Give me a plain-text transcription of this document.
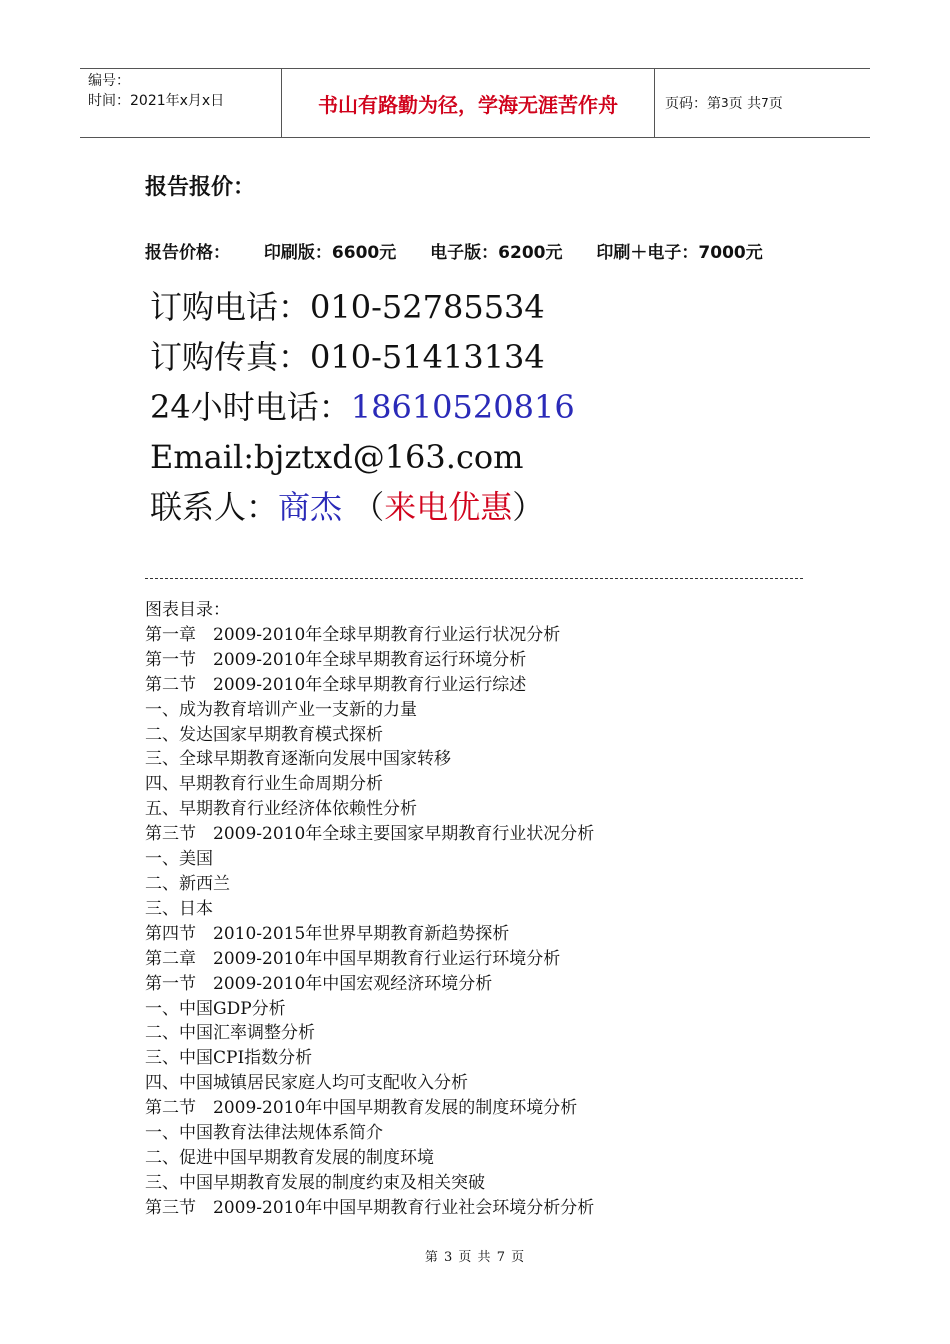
编号：
时间：2021年x月x日	书山有路勤为径，学海无涯苦作舟	页码：第 3 页 共 7 页
报告报价：
报告价格： 印刷版：6600元 电子版：6200元 印刷＋电子：7000元
订购电话：010-52785534
订购传真：010-51413134
24小时电话：18610520816
Email:bjztxd@163.com
联系人：商杰 （来电优惠）
图表目录：
第一章　2009-2010年全球早期教育行业运行状况分析
第一节　2009-2010年全球早期教育运行环境分析
第二节　2009-2010年全球早期教育行业运行综述
一、成为教育培训产业一支新的力量
二、发达国家早期教育模式探析
三、全球早期教育逐渐向发展中国家转移
四、早期教育行业生命周期分析
五、早期教育行业经济体依赖性分析
第三节　2009-2010年全球主要国家早期教育行业状况分析
一、美国
二、新西兰
三、日本
第四节　2010-2015年世界早期教育新趋势探析
第二章　2009-2010年中国早期教育行业运行环境分析
第一节　2009-2010年中国宏观经济环境分析
一、中国GDP分析
二、中国汇率调整分析
三、中国CPI指数分析
四、中国城镇居民家庭人均可支配收入分析
第二节　2009-2010年中国早期教育发展的制度环境分析
一、中国教育法律法规体系简介
二、促进中国早期教育发展的制度环境
三、中国早期教育发展的制度约束及相关突破
第三节　2009-2010年中国早期教育行业社会环境分析分析
第 3 页 共 7 页
